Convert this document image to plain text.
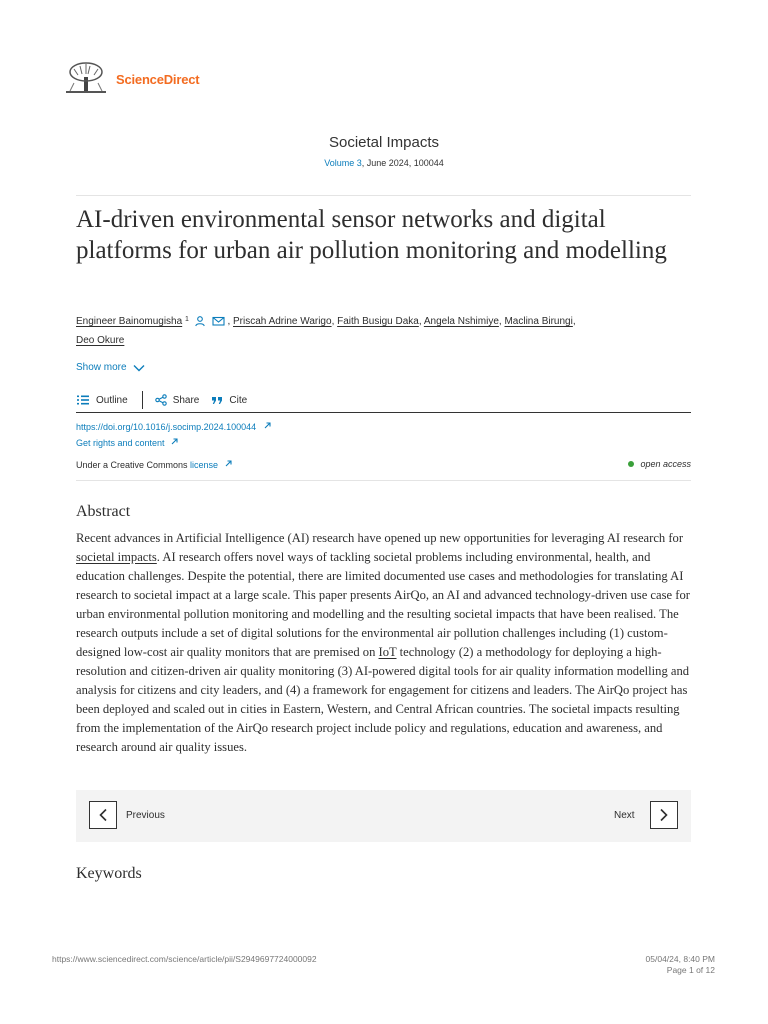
ScienceDirect
Societal Impacts
Volume 3, June 2024, 100044
AI-driven environmental sensor networks and digital platforms for urban air pollution monitoring and modelling
Engineer Bainomugisha $^1$	, Priscah Adrine Warigo, Faith Busigu Daka, Angela Nshimiye, Maclina Birungi,
Deo Okure
Show more
Outline	Share	Cite
https://doi.org/10.1016/j.socimp.2024.100044
Get rights and content
Under a Creative Commons license	open access
Abstract

Recent advances in Artificial Intelligence (AI) research have opened up new opportunities for leveraging AI research for societal impacts. AI research offers novel ways of tackling societal problems including environmental, health, and education challenges. Despite the potential, there are limited documented use cases and methodologies for translating AI research to societal impact at a large scale. This paper presents AirQo, an AI and advanced technology-driven use case for urban environmental pollution monitoring and modelling and the resulting societal impacts that have been realised. The research outputs include a set of digital solutions for the environmental air pollution challenges including (1) custom-designed low-cost air quality monitors that are premised on IoT technology (2) a methodology for deploying a high-resolution and citizen-driven air quality monitoring (3) AI-powered digital tools for air quality information modelling and analysis for citizens and city leaders, and (4) a framework for engagement for citizens and leaders. The AirQo project has been deployed and scaled out in cities in Eastern, Western, and Central African countries. The societal impacts resulting from the implementation of the AirQo research project include policy and regulations, education and awareness, and research around air quality issues.

Previous	Next
Keywords
https://www.sciencedirect.com/science/article/pii/S2949697724000092	05/04/24, 8:40 PM
Page 1 of 12
